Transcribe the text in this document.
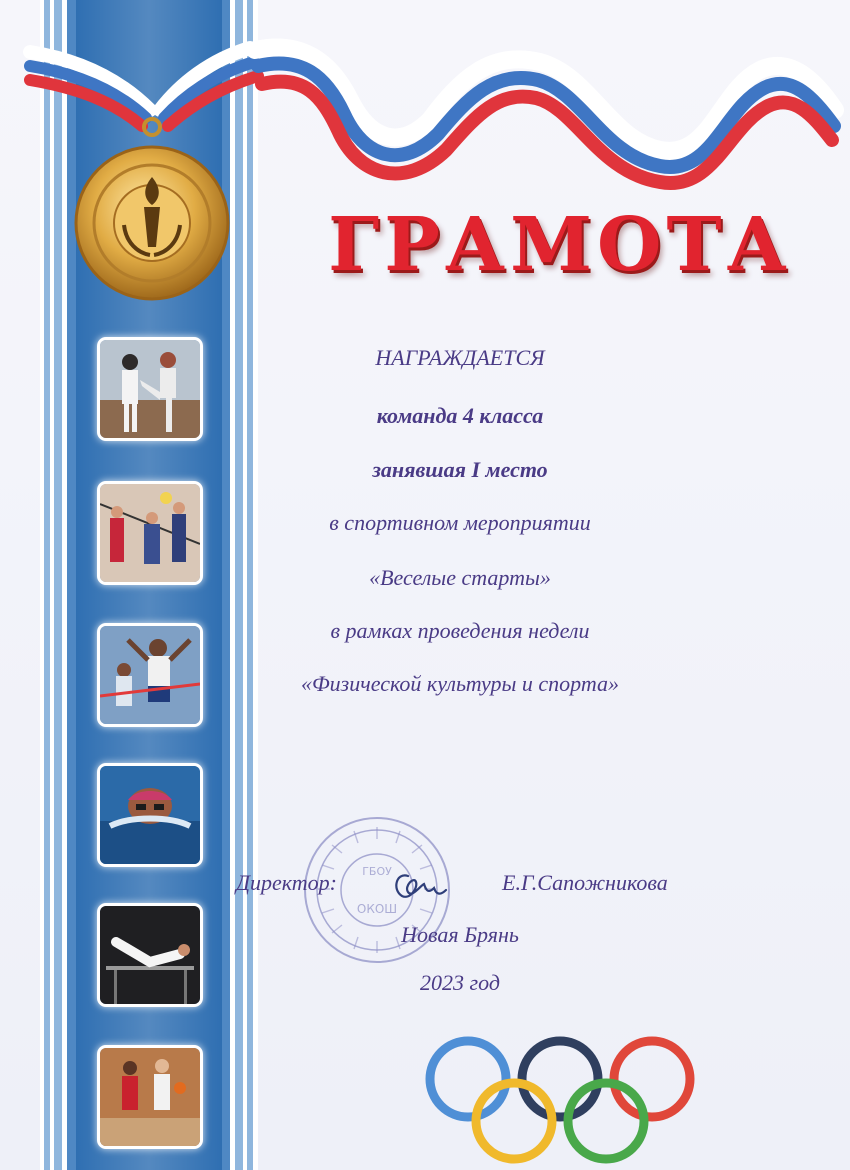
ГРАМОТА

НАГРАЖДАЕТСЯ

команда 4 класса

занявшая I место

в спортивном мероприятии

«Веселые старты»

в рамках проведения недели

«Физической культуры и спорта»

ГБОУ
ОКОШ
Директор:	Е.Г.Сапожникова

Новая Брянь

2023 год
